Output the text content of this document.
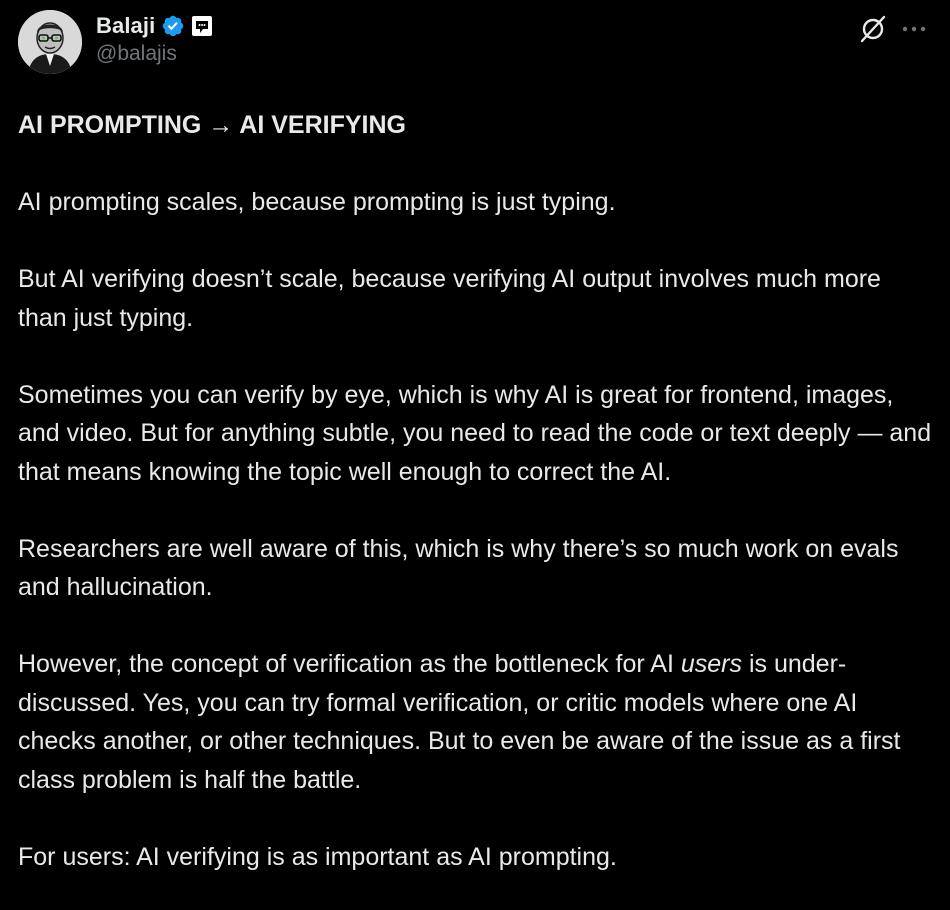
Balaji
@balajis

AI PROMPTING → AI VERIFYING

AI prompting scales, because prompting is just typing.

But AI verifying doesn’t scale, because verifying AI output involves much more than just typing.

Sometimes you can verify by eye, which is why AI is great for frontend, images, and video. But for anything subtle, you need to read the code or text deeply — and that means knowing the topic well enough to correct the AI.

Researchers are well aware of this, which is why there’s so much work on evals and hallucination.

However, the concept of verification as the bottleneck for AI users is under-discussed. Yes, you can try formal verification, or critic models where one AI checks another, or other techniques. But to even be aware of the issue as a first class problem is half the battle.

For users: AI verifying is as important as AI prompting.
